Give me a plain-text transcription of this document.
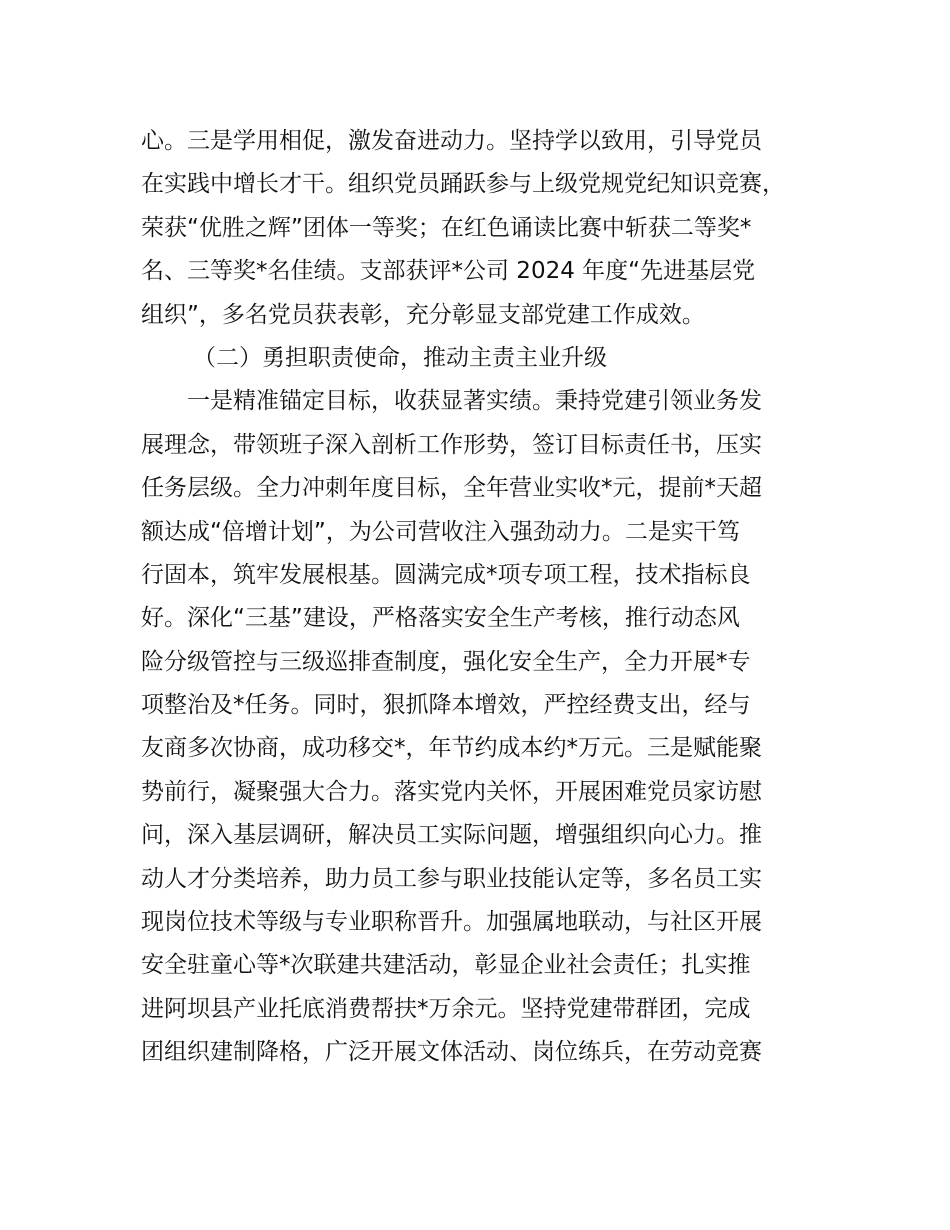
心。三是学用相促，激发奋进动力。坚持学以致用，引导党员
在实践中增长才干。组织党员踊跃参与上级党规党纪知识竞赛，
荣获“优胜之辉”团体一等奖；在红色诵读比赛中斩获二等奖*
名、三等奖*名佳绩。支部获评*公司 2024 年度“先进基层党
组织”，多名党员获表彰，充分彰显支部党建工作成效。
（二）勇担职责使命，推动主责主业升级
一是精准锚定目标，收获显著实绩。秉持党建引领业务发
展理念，带领班子深入剖析工作形势，签订目标责任书，压实
任务层级。全力冲刺年度目标，全年营业实收*元，提前*天超
额达成“倍增计划”，为公司营收注入强劲动力。二是实干笃
行固本，筑牢发展根基。圆满完成*项专项工程，技术指标良
好。深化“三基”建设，严格落实安全生产考核，推行动态风
险分级管控与三级巡排查制度，强化安全生产，全力开展*专
项整治及*任务。同时，狠抓降本增效，严控经费支出，经与
友商多次协商，成功移交*，年节约成本约*万元。三是赋能聚
势前行，凝聚强大合力。落实党内关怀，开展困难党员家访慰
问，深入基层调研，解决员工实际问题，增强组织向心力。推
动人才分类培养，助力员工参与职业技能认定等，多名员工实
现岗位技术等级与专业职称晋升。加强属地联动，与社区开展
安全驻童心等*次联建共建活动，彰显企业社会责任；扎实推
进阿坝县产业托底消费帮扶*万余元。坚持党建带群团，完成
团组织建制降格，广泛开展文体活动、岗位练兵，在劳动竞赛
